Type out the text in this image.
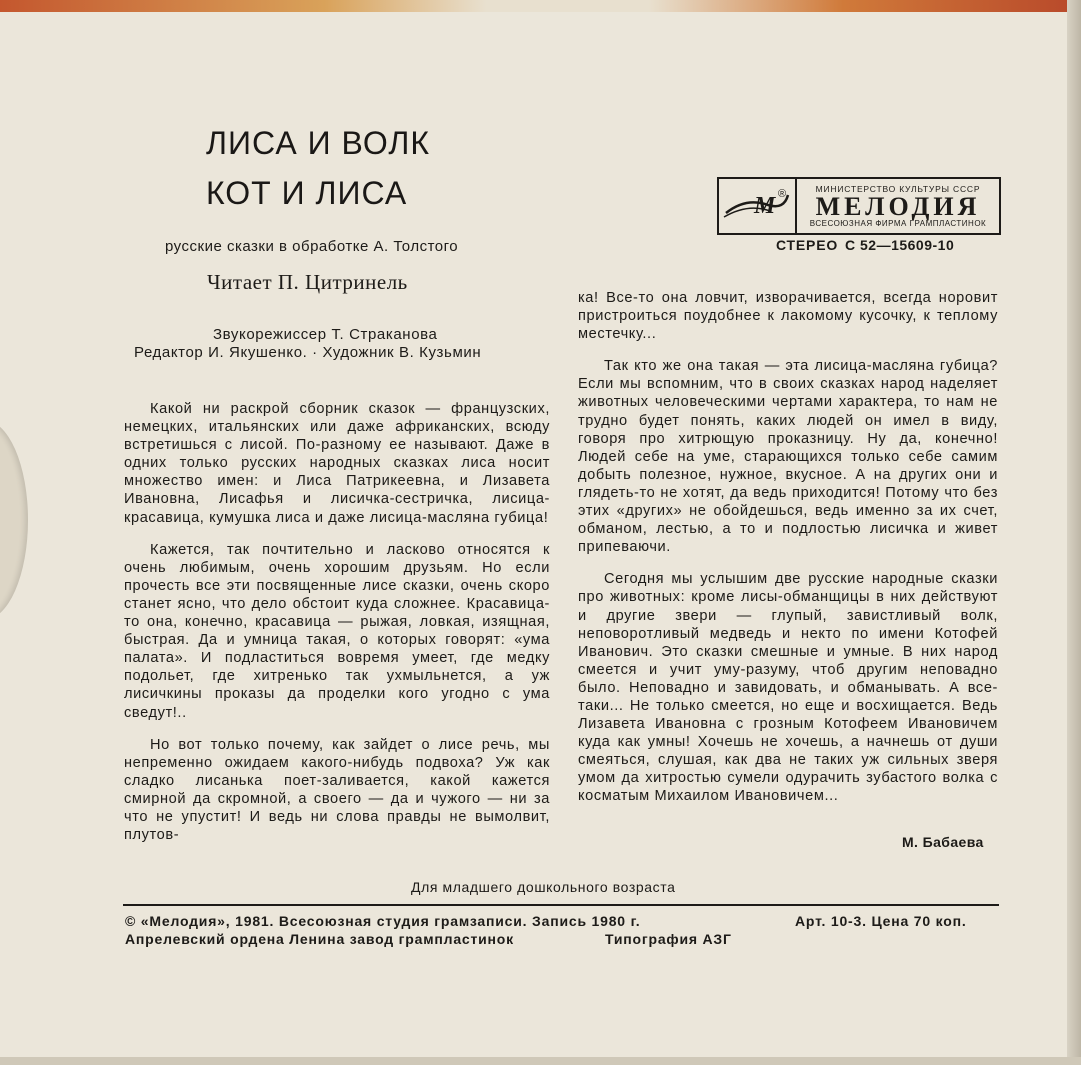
ЛИСА И ВОЛК
КОТ И ЛИСА
русские сказки в обработке А. Толстого
Читает П. Цитринель
Звукорежиссер Т. Страканова
Редактор И. Якушенко. · Художник В. Кузьмин
М ®	МИНИСТЕРСТВО КУЛЬТУРЫ СССР
МЕЛОДИЯ
ВСЕСОЮЗНАЯ ФИРМА ГРАМПЛАСТИНОК
СТЕРЕО С 52—15609-10

Какой ни раскрой сборник сказок — французских, немецких, итальянских или даже африканских, всюду встретишься с лисой. По-разному ее называют. Даже в одних только русских народных сказках лиса носит множество имен: и Лиса Патрикеевна, и Лизавета Ивановна, Лисафья и лисичка-сестричка, лисица-красавица, кумушка лиса и даже лисица-масляна губица!

Кажется, так почтительно и ласково относятся к очень любимым, очень хорошим друзьям. Но если прочесть все эти посвященные лисе сказки, очень скоро станет ясно, что дело обстоит куда сложнее. Красавица-то она, конечно, красавица — рыжая, ловкая, изящная, быстрая. Да и умница такая, о которых говорят: «ума палата». И подластиться вовремя умеет, где медку подольет, где хитренько так ухмыльнется, а уж лисичкины проказы да проделки кого угодно с ума сведут!..

Но вот только почему, как зайдет о лисе речь, мы непременно ожидаем какого-нибудь подвоха? Уж как сладко лисанька поет-заливается, какой кажется смирной да скромной, а своего — да и чужого — ни за что не упустит! И ведь ни слова правды не вымолвит, плутов-

ка! Все-то она ловчит, изворачивается, всегда норовит пристроиться поудобнее к лакомому кусочку, к теплому местечку...

Так кто же она такая — эта лисица-масляна губица? Если мы вспомним, что в своих сказках народ наделяет животных человеческими чертами характера, то нам не трудно будет понять, каких людей он имел в виду, говоря про хитрющую проказницу. Ну да, конечно! Людей себе на уме, старающихся только себе самим добыть полезное, нужное, вкусное. А на других они и глядеть-то не хотят, да ведь приходится! Потому что без этих «других» не обойдешься, ведь именно за их счет, обманом, лестью, а то и подлостью лисичка и живет припеваючи.

Сегодня мы услышим две русские народные сказки про животных: кроме лисы-обманщицы в них действуют и другие звери — глупый, завистливый волк, неповоротливый медведь и некто по имени Котофей Иванович. Это сказки смешные и умные. В них народ смеется и учит уму-разуму, чтоб другим неповадно было. Неповадно и завидовать, и обманывать. А все-таки... Не только смеется, но еще и восхищается. Ведь Лизавета Ивановна с грозным Котофеем Ивановичем куда как умны! Хочешь не хочешь, а начнешь от души смеяться, слушая, как два не таких уж сильных зверя умом да хитростью сумели одурачить зубастого волка с косматым Михаилом Ивановичем...

М. Бабаева
Для младшего дошкольного возраста
© «Мелодия», 1981. Всесоюзная студия грамзаписи. Запись 1980 г.
Апрелевский ордена Ленина завод грампластинок	Типография АЗГ
Арт. 10-3. Цена 70 коп.
